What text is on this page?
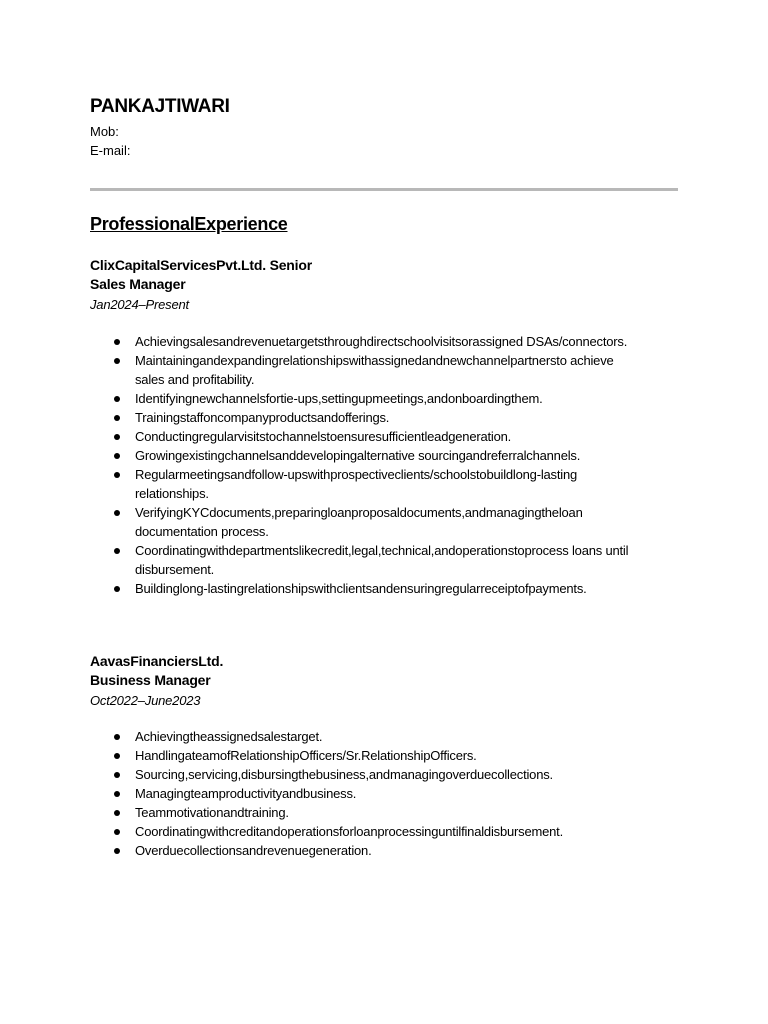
PANKAJTIWARI
Mob:
E-mail:
ProfessionalExperience
ClixCapitalServicesPvt.Ltd. Senior
Sales Manager
Jan2024–Present
Achievingsalesandrevenuetargetsthroughdirectschoolvisitsorassigned DSAs/connectors.
Maintainingandexpandingrelationshipswithassignedandnewchannelpartnersto achieve sales and profitability.
Identifyingnewchannelsfortie-ups,settingupmeetings,andonboardingthem.
Trainingstaffoncompanyproductsandofferings.
Conductingregularvisitstochannelstoensuresufficientleadgeneration.
Growingexistingchannelsanddevelopingalternative sourcingandreferralchannels.
Regularmeetingsandfollow-upswithprospectiveclients/schoolstobuildlong-lasting relationships.
VerifyingKYCdocuments,preparingloanproposaldocuments,andmanagingtheloan documentation process.
Coordinatingwithdepartmentslikecredit,legal,technical,andoperationstoprocess loans until disbursement.
Buildinglong-lastingrelationshipswithclientsandensuringregularreceiptofpayments.
AavasFinanciersLtd.
Business Manager
Oct2022–June2023
Achievingtheassignedsalestarget.
HandlingateamofRelationshipOfficers/Sr.RelationshipOfficers.
Sourcing,servicing,disbursingthebusiness,andmanagingoverduecollections.
Managingteamproductivityandbusiness.
Teammotivationandtraining.
Coordinatingwithcreditandoperationsforloanprocessinguntilfinaldisbursement.
Overduecollectionsandrevenuegeneration.
